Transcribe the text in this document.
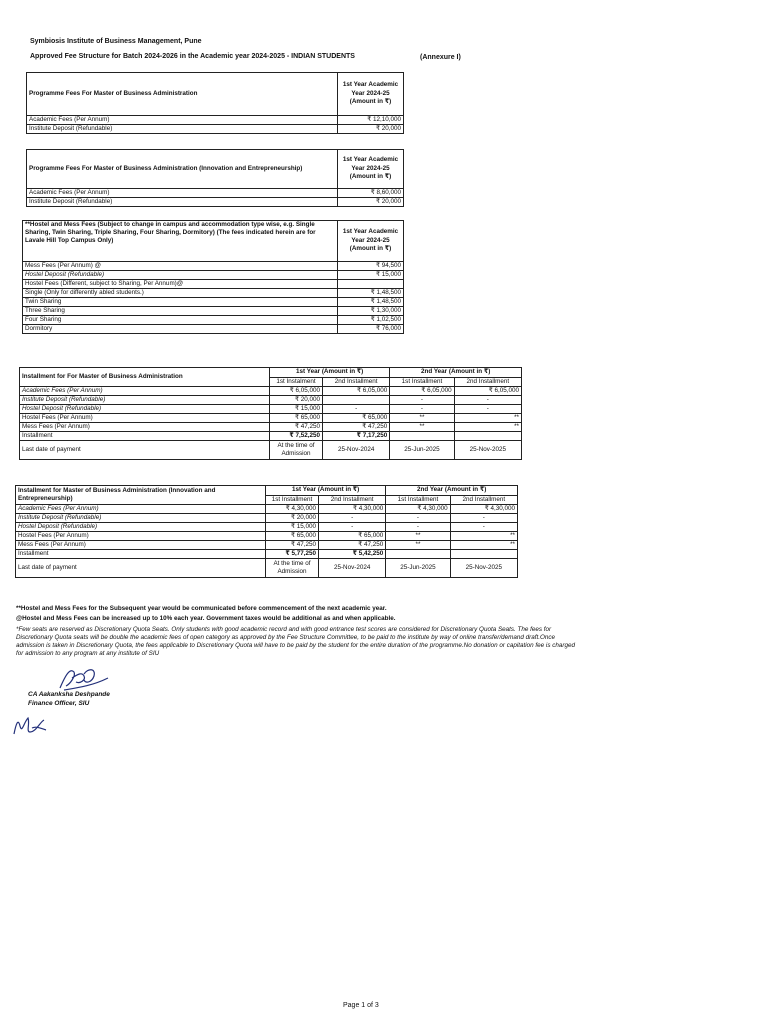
Symbiosis Institute of Business Management, Pune
Approved Fee Structure for Batch 2024-2026 in the Academic year 2024-2025 - INDIAN STUDENTS	(Annexure I)
Programme Fees For Master of Business Administration	1st Year Academic Year 2024-25 (Amount in ₹)
Academic Fees (Per Annum)	₹ 12,10,000
Institute Deposit (Refundable)	₹ 20,000
Programme Fees For Master of Business Administration (Innovation and Entrepreneurship)	1st Year Academic Year 2024-25 (Amount in ₹)
Academic Fees (Per Annum)	₹ 8,60,000
Institute Deposit (Refundable)	₹ 20,000
**Hostel and Mess Fees (Subject to change in campus and accommodation type wise, e.g. Single Sharing, Twin Sharing, Triple Sharing, Four Sharing, Dormitory) (The fees indicated herein are for Lavale Hill Top Campus Only)	1st Year Academic Year 2024-25 (Amount in ₹)
Mess Fees (Per Annum) @	₹ 94,500
Hostel Deposit (Refundable)	₹ 15,000
Hostel Fees (Different, subject to Sharing, Per Annum)@	
Single (Only for differently abled students.)	₹ 1,48,500
Twin Sharing	₹ 1,48,500
Three Sharing	₹ 1,30,000
Four Sharing	₹ 1,02,500
Dormitory	₹ 76,000
Installment for For Master of Business Administration	1st Year (Amount in ₹)		2nd Year (Amount in ₹)	
	1st Instalment	2nd Installment	1st Installment	2nd Installment
Academic Fees (Per Annum)	₹ 6,05,000	₹ 6,05,000	₹ 6,05,000	₹ 6,05,000
Institute Deposit (Refundable)	₹ 20,000		-	-
Hostel Deposit (Refundable)	₹ 15,000	-	-	-
Hostel Fees (Per Annum)	₹ 65,000	₹ 65,000	**	**
Mess Fees (Per Annum)	₹ 47,250	₹ 47,250	**	**
Installment	₹ 7,52,250	₹ 7,17,250		
Last date of payment	At the time of Admission	25-Nov-2024	25-Jun-2025	25-Nov-2025
Installment for Master of Business Administration (Innovation and Entrepreneurship)	1st Year (Amount in ₹)		2nd Year (Amount in ₹)	
	1st Installment	2nd Installment	1st Installment	2nd Installment
Academic Fees (Per Annum)	₹ 4,30,000	₹ 4,30,000	₹ 4,30,000	₹ 4,30,000
Institute Deposit (Refundable)	₹ 20,000	-	-	-
Hostel Deposit (Refundable)	₹ 15,000	-	-	-
Hostel Fees (Per Annum)	₹ 65,000	₹ 65,000	**	**
Mess Fees (Per Annum)	₹ 47,250	₹ 47,250	**	**
Installment	₹ 5,77,250	₹ 5,42,250		
Last date of payment	At the time of Admission	25-Nov-2024	25-Jun-2025	25-Nov-2025

**Hostel and Mess Fees for the Subsequent year would be communicated before commencement of the next academic year.

@Hostel and Mess Fees can be increased up to 10% each year. Government taxes would be additional as and when applicable.

*Few seats are reserved as Discretionary Quota Seats. Only students with good academic record and with good entrance test scores are considered for Discretionary Quota Seats. The fees for Discretionary Quota seats will be double the academic fees of open category as approved by the Fee Structure Committee, to be paid to the institute by way of online transfer/demand draft.Once admission is taken in Discretionary Quota, the fees applicable to Discretionary Quota will have to be paid by the student for the entire duration of the programme.No donation or capitation fee is charged for admission to any program at any institute of SIU

CA Aakanksha Deshpande
Finance Officer, SIU
Page 1 of 3
